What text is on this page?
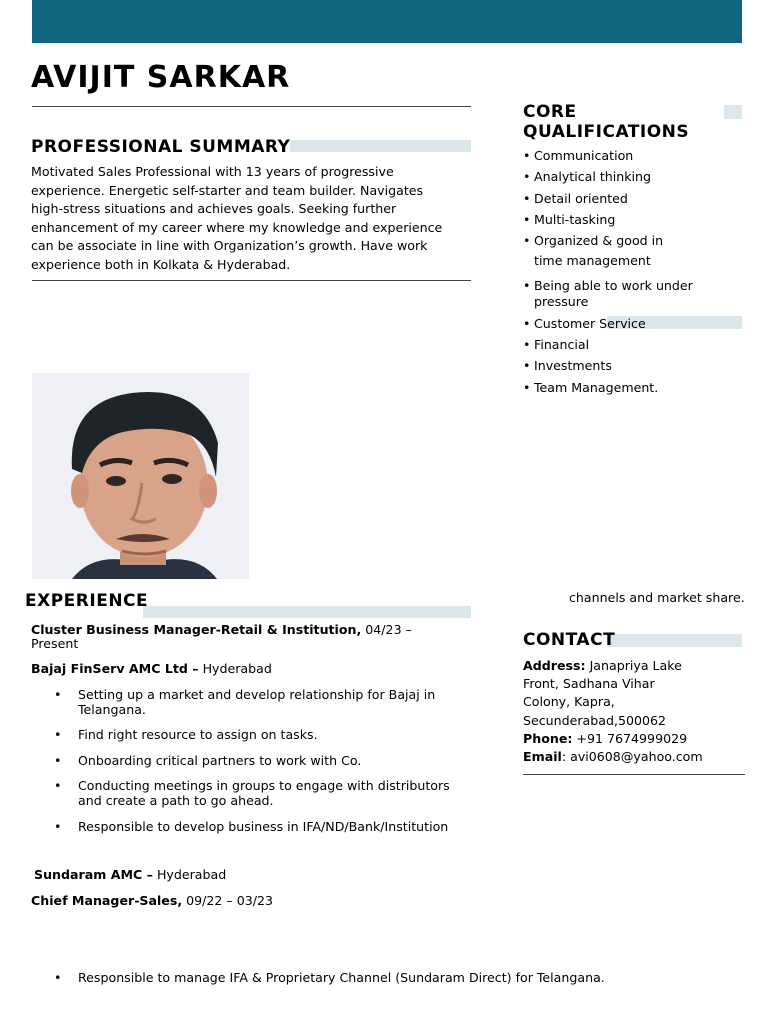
AVIJIT SARKAR
PROFESSIONAL SUMMARY
Motivated Sales Professional with 13 years of progressive
experience. Energetic self-starter and team builder. Navigates
high-stress situations and achieves goals. Seeking further
enhancement of my career where my knowledge and experience
can be associate in line with Organization’s growth. Have work
experience both in Kolkata & Hyderabad.
CORE
QUALIFICATIONS
• Communication
• Analytical thinking
• Detail oriented
• Multi-tasking
• Organized & good in
time management
• Being able to work under
pressure
• Customer Service
• Financial
• Investments
• Team Management.
EXPERIENCE	channels and market share.
Cluster Business Manager-Retail & Institution, 04/23 –
Present
Bajaj FinServ AMC Ltd – Hyderabad
• Setting up a market and develop relationship for Bajaj in
Telangana.
• Find right resource to assign on tasks.
• Onboarding critical partners to work with Co.
• Conducting meetings in groups to engage with distributors
and create a path to go ahead.
• Responsible to develop business in IFA/ND/Bank/Institution
Sundaram AMC – Hyderabad
Chief Manager-Sales, 09/22 – 03/23
• Responsible to manage IFA & Proprietary Channel (Sundaram Direct) for Telangana.
CONTACT
Address: Janapriya Lake
Front, Sadhana Vihar
Colony, Kapra,
Secunderabad,500062
Phone: +91 7674999029
Email: avi0608@yahoo.com
